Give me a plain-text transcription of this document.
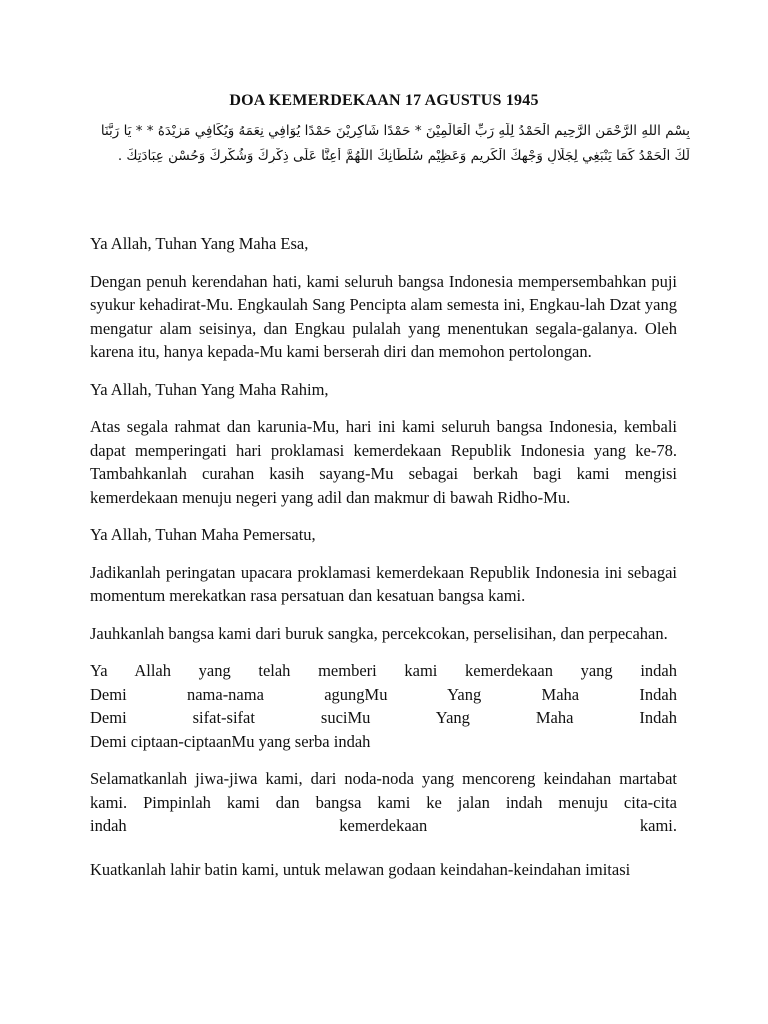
DOA KEMERDEKAAN 17 AGUSTUS 1945
بِسْمِ اللهِ الرَّحْمَنِ الرَّحِيمِ الْحَمْدُ لِلَّهِ رَبِّ الْعَالَمِيْنَ * حَمْدًا شَاكِرِيْنَ حَمْدًا يُوَافِي نِعَمَهُ وَيُكَافِي مَزِيْدَهُ * * يَا رَبَّنَا
لَكَ الْحَمْدُ كَمَا يَنْبَغِي لِجَلَالِ وَجْهِكَ الْكَرِيمِ وَعَظِيْمِ سُلْطَانِكَ اللَّهُمَّ أَعِنَّا عَلَى ذِكْرِكَ وَشُكْرِكَ وَحُسْنِ عِبَادَتِكَ .

Ya Allah, Tuhan Yang Maha Esa,

Dengan penuh kerendahan hati, kami seluruh bangsa Indonesia mempersembahkan puji syukur kehadirat-Mu. Engkaulah Sang Pencipta alam semesta ini, Engkau-lah Dzat yang mengatur alam seisinya, dan Engkau pulalah yang menentukan segala-galanya. Oleh karena itu, hanya kepada-Mu kami berserah diri dan memohon pertolongan.

Ya Allah, Tuhan Yang Maha Rahim,

Atas segala rahmat dan karunia-Mu, hari ini kami seluruh bangsa Indonesia, kembali dapat memperingati hari proklamasi kemerdekaan Republik Indonesia yang ke-78. Tambahkanlah curahan kasih sayang-Mu sebagai berkah bagi kami mengisi kemerdekaan menuju negeri yang adil dan makmur di bawah Ridho-Mu.

Ya Allah, Tuhan Maha Pemersatu,

Jadikanlah peringatan upacara proklamasi kemerdekaan Republik Indonesia ini sebagai momentum merekatkan rasa persatuan dan kesatuan bangsa kami.

Jauhkanlah bangsa kami dari buruk sangka, percekcokan, perselisihan, dan perpecahan.

Ya Allah yang telah memberi kami kemerdekaan yang indah
Demi nama-nama agungMu Yang Maha Indah
Demi sifat-sifat suciMu Yang Maha Indah
Demi ciptaan-ciptaanMu yang serba indah

Selamatkanlah jiwa-jiwa kami, dari noda-noda yang mencoreng keindahan martabat kami. Pimpinlah kami dan bangsa kami ke jalan indah menuju cita-cita
indah kemerdekaan kami.

Kuatkanlah lahir batin kami, untuk melawan godaan keindahan-keindahan imitasi
